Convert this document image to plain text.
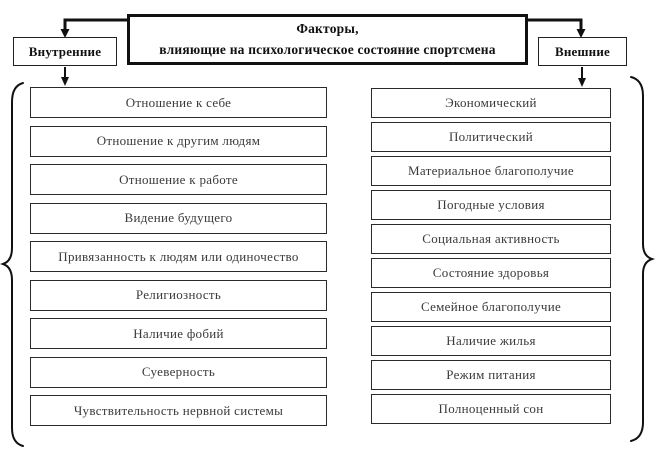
Факторы,
влияющие на психологическое состояние спортсмена
Внутренние	Внешние
Отношение к себе
Отношение к другим людям
Отношение к работе
Видение будущего
Привязанность к людям или одиночество
Религиозность
Наличие фобий
Суеверность
Чувствительность нервной системы
Экономический
Политический
Материальное благополучие
Погодные условия
Социальная активность
Состояние здоровья
Семейное благополучие
Наличие жилья
Режим питания
Полноценный сон
